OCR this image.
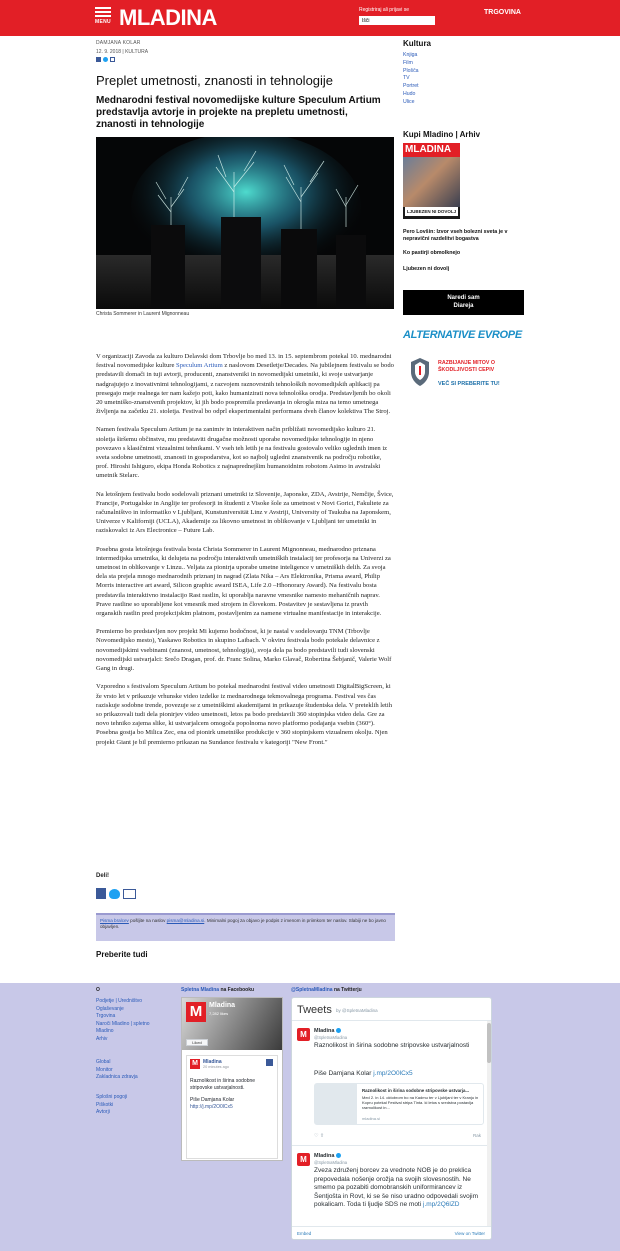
MENU MLADINA	Registriraj ali prijavi se
Išči	TRGOVINA
DAMJANA KOLAR
12. 9. 2018 | KULTURA
Preplet umetnosti, znanosti in tehnologije
Mednarodni festival novomedijske kulture Speculum Artium predstavlja avtorje in projekte na prepletu umetnosti, znanosti in tehnologije
Christa Sommerer in Laurent Mignonneau

V organizaciji Zavoda za kulturo Delavski dom Trbovlje bo med 13. in 15. septembrom potekal 10. mednarodni festival novomedijske kulture Speculum Artium z naslovom Desetletje/Decades. Na jubilejnem festivalu se bodo predstavili domači in tuji avtorji, producenti, znanstveniki in novomedijski umetniki, ki svoje ustvarjanje nadgrajujejo z inovativnimi tehnologijami, z razvojem raznovrstnih tehnoloških novomedijskih aplikacij pa presegajo meje realnega ter nam kažejo poti, kako humanizirati nova tehnološka orodja. Predstavljenih bo okoli 20 umetniško-znanstvenih projektov, ki jih bodo pospremila predavanja in okrogla miza na temo umetnega življenja na začetku 21. stoletja. Festival bo odprl eksperimentalni performans dveh članov kolektiva The Stroj.

Namen festivala Speculum Artium je na zanimiv in interaktiven način približati novomedijsko kulturo 21. stoletja širšemu občinstvu, mu predstaviti drugačne možnosti uporabe novomedijske tehnologije in njeno povezavo s klasičnimi vizualnimi tehnikami. V vseh teh letih je na festivalu gostovalo veliko uglednih imen iz sveta sodobne umetnosti, znanosti in gospodarstva, kot so najbolj ugledni znanstvenik na področju robotike, prof. Hiroshi Ishiguro, ekipa Honda Robotics z najnaprednejšim humanoidnim robotom Asimo in avstralski umetnik Stelarc.

Na letošnjem festivalu bodo sodelovali priznani umetniki iz Slovenije, Japonske, ZDA, Avstrije, Nemčije, Švice, Francije, Portugalske in Anglije ter profesorji in študenti z Visoke šole za umetnost v Novi Gorici, Fakultete za računalništvo in informatiko v Ljubljani, Kunstuniversität Linz v Avstriji, University of Tsukuba na Japonskem, Univerze v Kaliforniji (UCLA), Akademije za likovno umetnost in oblikovanje v Ljubljani ter umetniki in raziskovalci iz Ars Electronice – Future Lab.

Posebna gosta letošnjega festivala bosta Christa Sommerer in Laurent Mignonneau, mednarodno priznana intermedijska umetnika, ki delujeta na področju interaktivnih umetniških instalacij ter profesorja na Univerzi za umetnost in oblikovanje v Linzu.. Veljata za pionirja uporabe umetne inteligence v umetniških delih. Za svoja dela sta prejela mnogo mednarodnih priznanj in nagrad (Zlata Nika – Ars Elektronika, Prisma award, Philip Morris interactive art award, Silicon graphic award ISEA, Life 2.0 –Hhonorary Award). Na festivalu bosta predstavila interaktivno instalacijo Rast rastlin, ki uporablja naravne vmesnike namesto mehaničnih naprav. Prave rastline so uporabljene kot vmesnik med strojem in človekom. Postavitev je sestavljena iz pravih organskih rastlin pred projekcijskim platnom, postavljenim za namene virtualne manifestacije in interakcije.

Premierno bo predstavljen nov projekt Mi kujemo bodočnost, ki je nastal v sodelovanju TNM (Trbovlje Novomedijsko mesto), Yaskawo Robotics in skupino Laibach. V okviru festivala bodo potekale delavnice z novomedijskimi vsebinami (znanost, umetnost, tehnologija), svoja dela pa bodo predstavili tudi slovenski novomedijski ustvarjalci: Srečo Dragan, prof. dr. Franc Solina, Marko Glavač, Robertina Šebjanič, Valerie Wolf Gang in drugi.

Vzporedno s festivalom Speculum Artium bo potekal mednarodni festival video umetnosti DigitalBigScreen, ki že vrsto let v prikazuje vrhunske video izdelke iz mednarodnega tekmovalnega programa. Festival ves čas raziskuje sodobne trende, povezuje se z umetniškimi akademijami in prikazuje študentska dela. V preteklih letih so prikazovali tudi dela pionirjev video umetnosti, letos pa bodo predstavili 360 stopinjska video dela. Gre za novo tehniko zajema slike, ki ustvarjalcem omogoča popolnoma novo platformo podajanja vsebin (360°). Posebna gostja bo Milica Zec, ena od pionirk umetniške produkcije v 360 stopinjskem vizualnem okolju. Njen projekt Giant je bil premierno prikazan na Sundance festivalu v kategoriji "New Front."

Deli!
Pisma bralcev pošljite na naslov pisma@mladina.si. Minimalni pogoj za objavo je podpis z imenom in priimkom ter naslov. Slabiji ne bo javno objavljen.
Preberite tudi
Kultura
Knjiga
Film
Plošča
TV
Portret
Hudo
Ulice
Kupi Mladino | Arhiv
MLADINA
LJUBEZEN NI DOVOLJ
Pero Lovšin: Izvor vseh bolezni sveta je v nepravični razdelitvi bogastva
Ko pastirji obmolknejo
Ljubezen ni dovolj
Naredi sam
Diareja
ALTERNATIVE EVROPE
RAZBIJANJE MITOV O ŠKODLJIVOSTI CEPIV
VEČ SI PREBERITE TU!
O
Podjetje | Uredništvo
Oglaševanje
Trgovina
Naroči Mladino | spletno Mladino
Arhiv
Global
Monitor
Zakladnica zdravja
Splošni pogoji
Piškotki
Avtorji
Spletna Mladina na Facebooku	@SpletnaMladina na Twitterju
M Mladina
7,282 likes
Liked
M	Mladina
20 minutes ago
Raznolikost in širina sodobne stripovske ustvarjalnosti.
Piše Damjana Kolar
http://j.mp/2O0lCx5
Tweets by @SpletnaMladina
M	Mladina
@SpletnaMladina
Raznolikost in širina sodobne stripovske ustvarjalnosti
Piše Damjana Kolar j.mp/2O0lCx5
Raznolikost in širina sodobne stripovske ustvarja...
Med 2. in 14. oktobrom bo na Kadmu ter v Ljubljani ter v Kranju in Kopru potekal Festival stripa Tinta. ki letos s sredstva postavlja razmolikost in...
mladina.si
♡ ⇪	Rak
M	Mladina
@SpletnaMladina
Zveza združenj borcev za vrednote NOB je do preklica prepovedala nošenje orožja na svojih slovesnostih. Ne smemo pa pozabiti domobranskih uniformirancev iz Šentjošta in Rovt, ki se še niso uradno odpovedali svojim pokalicam. Toda ti ljudje SDS ne moti j.mp/2Q6lZD
Embed	View on Twitter
